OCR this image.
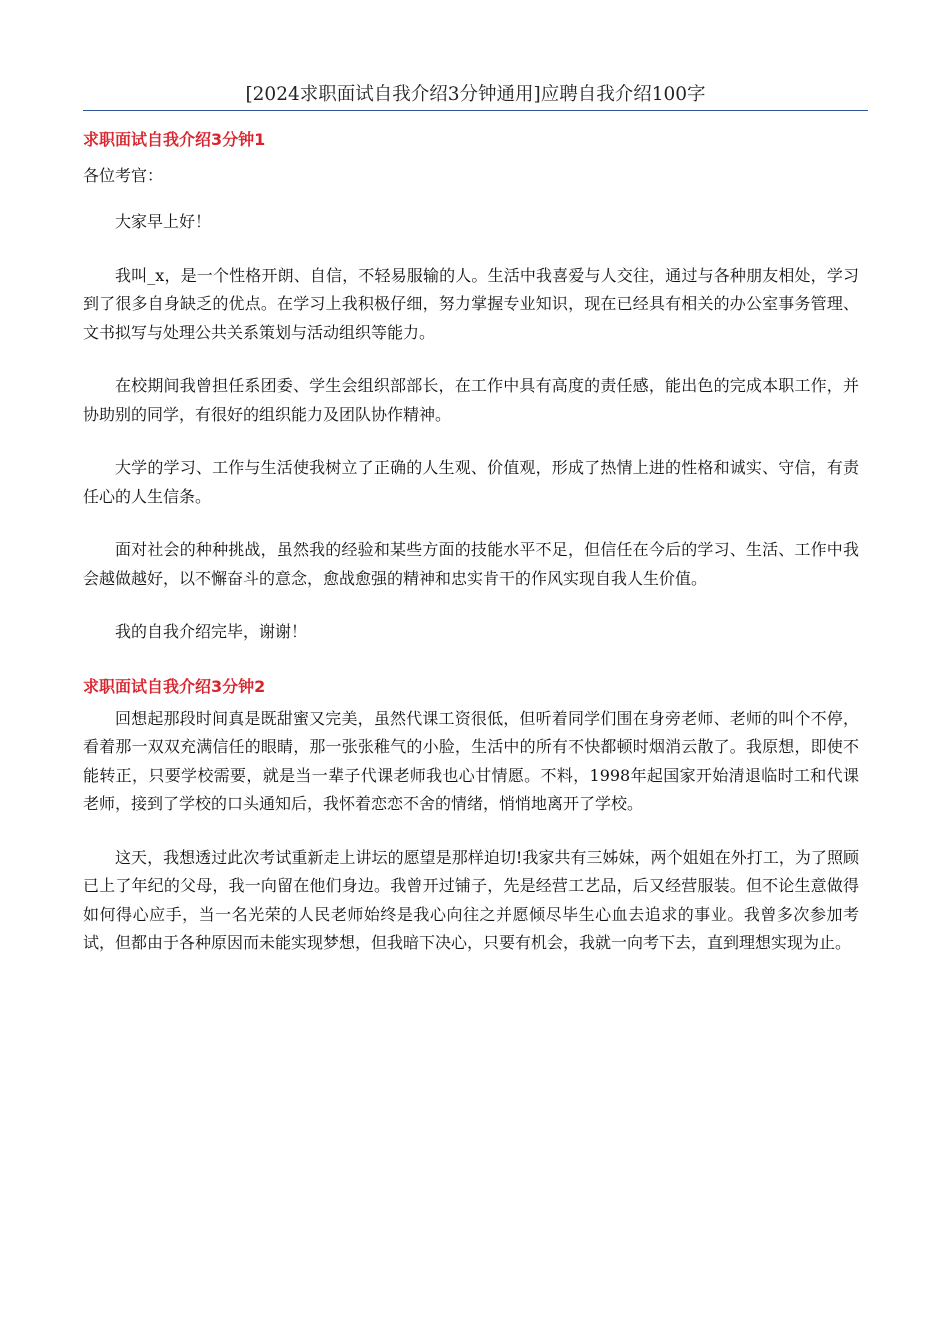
[2024求职面试自我介绍3分钟通用]应聘自我介绍100字
求职面试自我介绍3分钟1
各位考官：

大家早上好！

我叫_x，是一个性格开朗、自信，不轻易服输的人。生活中我喜爱与人交往，通过与各种朋友相处，学习到了很多自身缺乏的优点。在学习上我积极仔细，努力掌握专业知识，现在已经具有相关的办公室事务管理、文书拟写与处理公共关系策划与活动组织等能力。

在校期间我曾担任系团委、学生会组织部部长，在工作中具有高度的责任感，能出色的完成本职工作，并协助别的同学，有很好的组织能力及团队协作精神。

大学的学习、工作与生活使我树立了正确的人生观、价值观，形成了热情上进的性格和诚实、守信，有责任心的人生信条。

面对社会的种种挑战，虽然我的经验和某些方面的技能水平不足，但信任在今后的学习、生活、工作中我会越做越好，以不懈奋斗的意念，愈战愈强的精神和忠实肯干的作风实现自我人生价值。

我的自我介绍完毕，谢谢！

求职面试自我介绍3分钟2

回想起那段时间真是既甜蜜又完美，虽然代课工资很低，但听着同学们围在身旁老师、老师的叫个不停，看着那一双双充满信任的眼睛，那一张张稚气的小脸，生活中的所有不快都顿时烟消云散了。我原想，即使不能转正，只要学校需要，就是当一辈子代课老师我也心甘情愿。不料，1998年起国家开始清退临时工和代课老师，接到了学校的口头通知后，我怀着恋恋不舍的情绪，悄悄地离开了学校。

这天，我想透过此次考试重新走上讲坛的愿望是那样迫切!我家共有三姊妹，两个姐姐在外打工，为了照顾已上了年纪的父母，我一向留在他们身边。我曾开过铺子，先是经营工艺品，后又经营服装。但不论生意做得如何得心应手，当一名光荣的人民老师始终是我心向往之并愿倾尽毕生心血去追求的事业。我曾多次参加考试，但都由于各种原因而未能实现梦想，但我暗下决心，只要有机会，我就一向考下去，直到理想实现为止。
